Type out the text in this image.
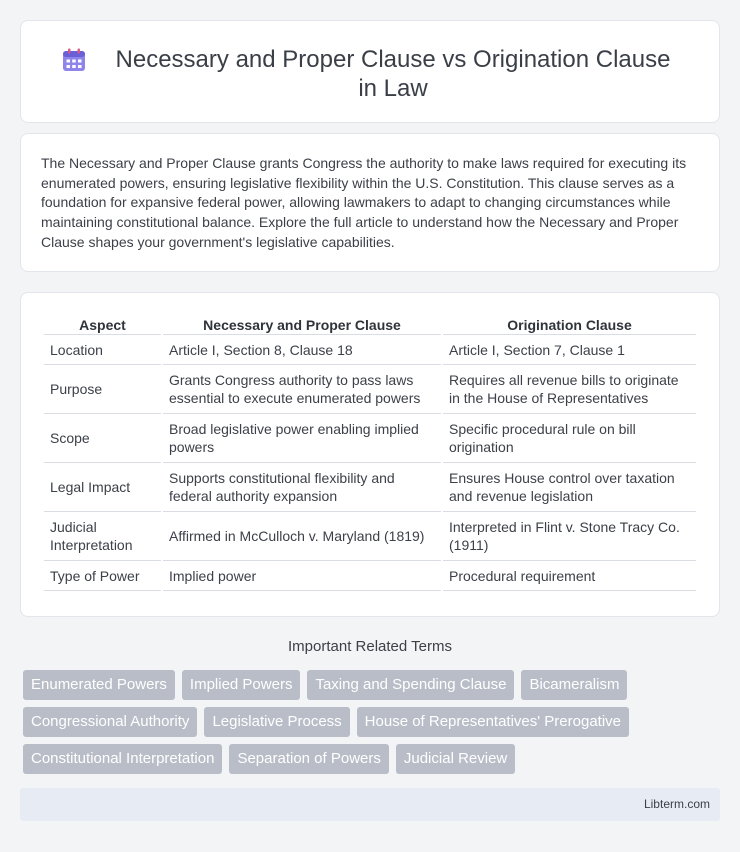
Necessary and Proper Clause vs Origination Clause in Law

The Necessary and Proper Clause grants Congress the authority to make laws required for executing its enumerated powers, ensuring legislative flexibility within the U.S. Constitution. This clause serves as a foundation for expansive federal power, allowing lawmakers to adapt to changing circumstances while maintaining constitutional balance. Explore the full article to understand how the Necessary and Proper Clause shapes your government's legislative capabilities.

Aspect	Necessary and Proper Clause	Origination Clause
Location	Article I, Section 8, Clause 18	Article I, Section 7, Clause 1
Purpose	Grants Congress authority to pass laws essential to execute enumerated powers	Requires all revenue bills to originate in the House of Representatives
Scope	Broad legislative power enabling implied powers	Specific procedural rule on bill origination
Legal Impact	Supports constitutional flexibility and federal authority expansion	Ensures House control over taxation and revenue legislation
Judicial Interpretation	Affirmed in McCulloch v. Maryland (1819)	Interpreted in Flint v. Stone Tracy Co. (1911)
Type of Power	Implied power	Procedural requirement
Important Related Terms
Enumerated Powers	Implied Powers	Taxing and Spending Clause	Bicameralism
Congressional Authority	Legislative Process	House of Representatives' Prerogative
Constitutional Interpretation	Separation of Powers	Judicial Review
Libterm.com
